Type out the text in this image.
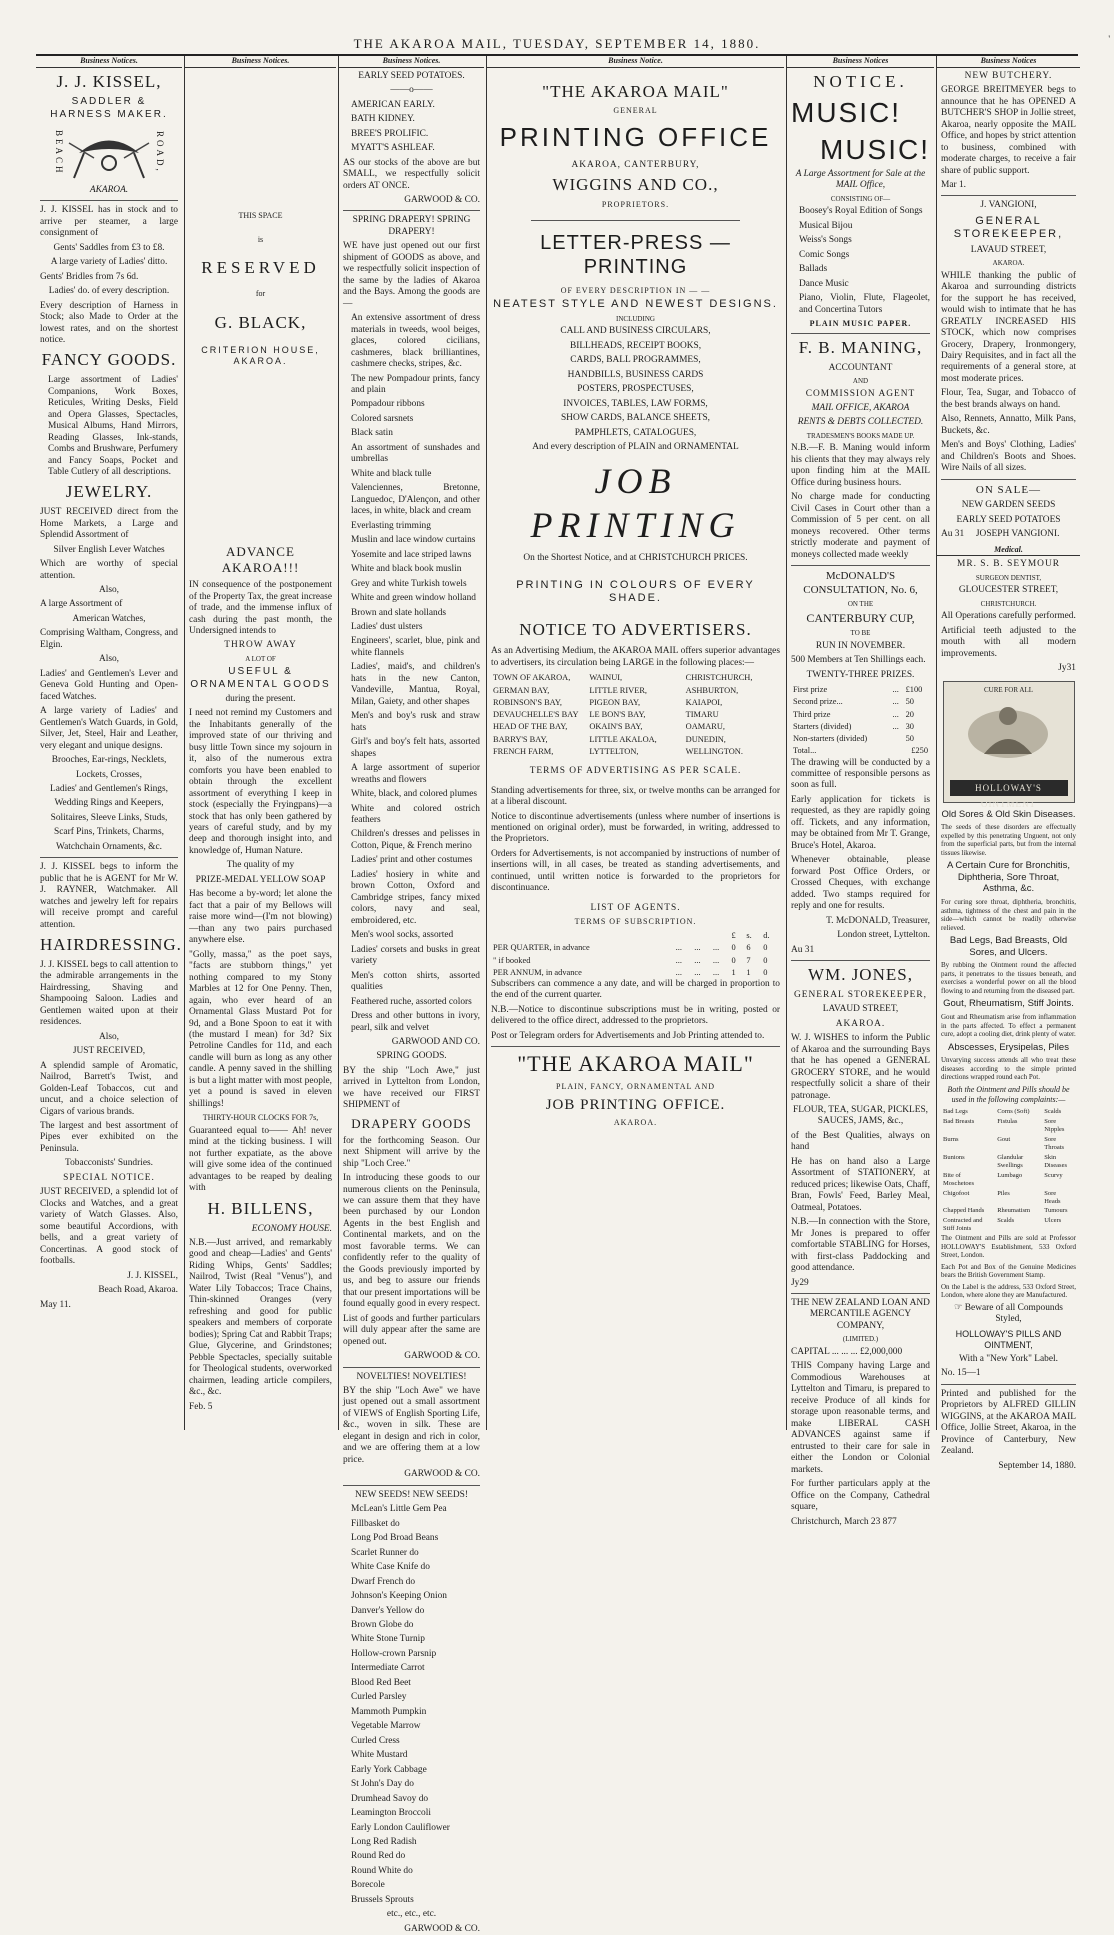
THE AKAROA MAIL, TUESDAY, SEPTEMBER 14, 1880.	'
Business Notices.
J. J. KISSEL,
SADDLER & HARNESS MAKER.
BEACH	ROAD,
AKAROA.

J. J. KISSEL has in stock and to arrive per steamer, a large consignment of

Gents' Saddles from £3 to £8.

A large variety of Ladies' ditto.

Gents' Bridles from 7s 6d.

Ladies' do. of every description.

Every description of Harness in Stock; also Made to Order at the lowest rates, and on the shortest notice.

FANCY GOODS.

Large assortment of Ladies' Companions, Work Boxes, Reticules, Writing Desks, Field and Opera Glasses, Spectacles, Musical Albums, Hand Mirrors, Reading Glasses, Ink-stands, Combs and Brushware, Perfumery and Fancy Soaps, Pocket and Table Cutlery of all descriptions.

JEWELRY.

JUST RECEIVED direct from the Home Markets, a Large and Splendid Assortment of

Silver English Lever Watches

Which are worthy of special attention.

Also,

A large Assortment of

American Watches,

Comprising Waltham, Congress, and Elgin.

Also,

Ladies' and Gentlemen's Lever and Geneva Gold Hunting and Open-faced Watches.

A large variety of Ladies' and Gentlemen's Watch Guards, in Gold, Silver, Jet, Steel, Hair and Leather, very elegant and unique designs.

Brooches, Ear-rings, Necklets,

Lockets, Crosses,

Ladies' and Gentlemen's Rings,

Wedding Rings and Keepers,

Solitaires, Sleeve Links, Studs,

Scarf Pins, Trinkets, Charms,

Watchchain Ornaments, &c.

J. J. KISSEL begs to inform the public that he is AGENT for Mr W. J. RAYNER, Watchmaker. All watches and jewelry left for repairs will receive prompt and careful attention.

HAIRDRESSING.

J. J. KISSEL begs to call attention to the admirable arrangements in the Hairdressing, Shaving and Shampooing Saloon. Ladies and Gentlemen waited upon at their residences.

Also,

JUST RECEIVED,

A splendid sample of Aromatic, Nailrod, Barrett's Twist, and Golden-Leaf Tobaccos, cut and uncut, and a choice selection of Cigars of various brands.

The largest and best assortment of Pipes ever exhibited on the Peninsula.

Tobacconists' Sundries.

SPECIAL NOTICE.

JUST RECEIVED, a splendid lot of Clocks and Watches, and a great variety of Watch Glasses. Also, some beautiful Accordions, with bells, and a great variety of Concertinas. A good stock of footballs.

J. J. KISSEL,

Beach Road, Akaroa.

May 11.

Business Notices.

THIS SPACE

is

RESERVED

for

G. BLACK,

CRITERION HOUSE, AKAROA.

ADVANCE AKAROA!!!

IN consequence of the postponement of the Property Tax, the great increase of trade, and the immense influx of cash during the past month, the Undersigned intends to

THROW AWAY

A LOT OF

USEFUL & ORNAMENTAL GOODS

during the present.

I need not remind my Customers and the Inhabitants generally of the improved state of our thriving and busy little Town since my sojourn in it, also of the numerous extra comforts you have been enabled to obtain through the excellent assortment of everything I keep in stock (especially the Fryingpans)—a stock that has only been gathered by years of careful study, and by my deep and thorough insight into, and knowledge of, Human Nature.

The quality of my

PRIZE-MEDAL YELLOW SOAP

Has become a by-word; let alone the fact that a pair of my Bellows will raise more wind—(I'm not blowing)—than any two pairs purchased anywhere else.

"Golly, massa," as the poet says, "facts are stubborn things," yet nothing compared to my Stony Marbles at 12 for One Penny. Then, again, who ever heard of an Ornamental Glass Mustard Pot for 9d, and a Bone Spoon to eat it with (the mustard I mean) for 3d? Six Petroline Candles for 11d, and each candle will burn as long as any other candle. A penny saved in the shilling is but a light matter with most people, yet a pound is saved in eleven shillings!

THIRTY-HOUR CLOCKS FOR 7s,

Guaranteed equal to—— Ah! never mind at the ticking business. I will not further expatiate, as the above will give some idea of the continued advantages to be reaped by dealing with

H. BILLENS,

ECONOMY HOUSE.

N.B.—Just arrived, and remarkably good and cheap—Ladies' and Gents' Riding Whips, Gents' Saddles; Nailrod, Twist (Real "Venus"), and Water Lily Tobaccos; Trace Chains, Thin-skinned Oranges (very refreshing and good for public speakers and members of corporate bodies); Spring Cat and Rabbit Traps; Glue, Glycerine, and Grindstones; Pebble Spectacles, specially suitable for Theological students, overworked chairmen, leading article compilers, &c., &c.

Feb. 5

Business Notices.

EARLY SEED POTATOES.

——o——

AMERICAN EARLY.

BATH KIDNEY.

BREE'S PROLIFIC.

MYATT'S ASHLEAF.

AS our stocks of the above are but SMALL, we respectfully solicit orders AT ONCE.

GARWOOD & CO.

SPRING DRAPERY! SPRING DRAPERY!

WE have just opened out our first shipment of GOODS as above, and we respectfully solicit inspection of the same by the ladies of Akaroa and the Bays. Among the goods are—

An extensive assortment of dress materials in tweeds, wool beiges, glaces, colored cicilians, cashmeres, black brilliantines, cashmere checks, stripes, &c.

The new Pompadour prints, fancy and plain

Pompadour ribbons

Colored sarsnets

Black satin

An assortment of sunshades and umbrellas

White and black tulle

Valenciennes, Bretonne, Languedoc, D'Alençon, and other laces, in white, black and cream

Everlasting trimming

Muslin and lace window curtains

Yosemite and lace striped lawns

White and black book muslin

Grey and white Turkish towels

White and green window holland

Brown and slate hollands

Ladies' dust ulsters

Engineers', scarlet, blue, pink and white flannels

Ladies', maid's, and children's hats in the new Canton, Vandeville, Mantua, Royal, Milan, Gaiety, and other shapes

Men's and boy's rusk and straw hats

Girl's and boy's felt hats, assorted shapes

A large assortment of superior wreaths and flowers

White, black, and colored plumes

White and colored ostrich feathers

Children's dresses and pelisses in Cotton, Pique, & French merino

Ladies' print and other costumes

Ladies' hosiery in white and brown Cotton, Oxford and Cambridge stripes, fancy mixed colors, navy and seal, embroidered, etc.

Men's wool socks, assorted

Ladies' corsets and busks in great variety

Men's cotton shirts, assorted qualities

Feathered ruche, assorted colors

Dress and other buttons in ivory, pearl, silk and velvet

GARWOOD AND CO.

SPRING GOODS.

BY the ship "Loch Awe," just arrived in Lyttelton from London, we have received our FIRST SHIPMENT of

DRAPERY GOODS

for the forthcoming Season. Our next Shipment will arrive by the ship "Loch Cree."

In introducing these goods to our numerous clients on the Peninsula, we can assure them that they have been purchased by our London Agents in the best English and Continental markets, and on the most favorable terms. We can confidently refer to the quality of the Goods previously imported by us, and beg to assure our friends that our present importations will be found equally good in every respect.

List of goods and further particulars will duly appear after the same are opened out.

GARWOOD & CO.

NOVELTIES! NOVELTIES!

BY the ship "Loch Awe" we have just opened out a small assortment of VIEWS of English Sporting Life, &c., woven in silk. These are elegant in design and rich in color, and we are offering them at a low price.

GARWOOD & CO.

NEW SEEDS! NEW SEEDS!

McLean's Little Gem Pea

Fillbasket do

Long Pod Broad Beans

Scarlet Runner do

White Case Knife do

Dwarf French do

Johnson's Keeping Onion

Danver's Yellow do

Brown Globe do

White Stone Turnip

Hollow-crown Parsnip

Intermediate Carrot

Blood Red Beet

Curled Parsley

Mammoth Pumpkin

Vegetable Marrow

Curled Cress

White Mustard

Early York Cabbage

St John's Day do

Drumhead Savoy do

Leamington Broccoli

Early London Cauliflower

Long Red Radish

Round Red do

Round White do

Borecole

Brussels Sprouts

etc., etc., etc.

GARWOOD & CO.

Business Notice.
"THE AKAROA MAIL"

GENERAL

PRINTING OFFICE

AKAROA, CANTERBURY,

WIGGINS AND CO.,

PROPRIETORS.

LETTER-PRESS — PRINTING

OF EVERY DESCRIPTION IN — —

NEATEST STYLE AND NEWEST DESIGNS.

INCLUDING

CALL AND BUSINESS CIRCULARS,

BILLHEADS, RECEIPT BOOKS,

CARDS, BALL PROGRAMMES,

HANDBILLS, BUSINESS CARDS

POSTERS, PROSPECTUSES,

INVOICES, TABLES, LAW FORMS,

SHOW CARDS, BALANCE SHEETS,

PAMPHLETS, CATALOGUES,

And every description of PLAIN and ORNAMENTAL

JOB PRINTING

On the Shortest Notice, and at CHRISTCHURCH PRICES.

PRINTING IN COLOURS OF EVERY SHADE.

NOTICE TO ADVERTISERS.

As an Advertising Medium, the AKAROA MAIL offers superior advantages to advertisers, its circulation being LARGE in the following places:—

TOWN OF AKAROA,	WAINUI,	CHRISTCHURCH,
GERMAN BAY,	LITTLE RIVER,	ASHBURTON,
ROBINSON'S BAY,	PIGEON BAY,	KAIAPOI,
DEVAUCHELLE'S BAY	LE BON'S BAY,	TIMARU
HEAD OF THE BAY,	OKAIN'S BAY,	OAMARU,
BARRY'S BAY,	LITTLE AKALOA,	DUNEDIN,
FRENCH FARM,	LYTTELTON,	WELLINGTON.

TERMS OF ADVERTISING AS PER SCALE.

Standing advertisements for three, six, or twelve months can be arranged for at a liberal discount.

Notice to discontinue advertisements (unless where number of insertions is mentioned on original order), must be forwarded, in writing, addressed to the Proprietors.

Orders for Advertisements, is not accompanied by instructions of number of insertions will, in all cases, be treated as standing advertisements, and continued, until written notice is forwarded to the proprietors for discontinuance.

LIST OF AGENTS.

TERMS OF SUBSCRIPTION.

				£	s.	d.
PER QUARTER, in advance	...	...	...	0	6	0
" if booked	...	...	...	0	7	0
PER ANNUM, in advance	...	...	...	1	1	0

Subscribers can commence a any date, and will be charged in proportion to the end of the current quarter.

N.B.—Notice to discontinue subscriptions must be in writing, posted or delivered to the office direct, addressed to the proprietors.

Post or Telegram orders for Advertisements and Job Printing attended to.

"THE AKAROA MAIL"

PLAIN, FANCY, ORNAMENTAL AND

JOB PRINTING OFFICE.

AKAROA.

Business Notices
NOTICE.
MUSIC!
MUSIC!

A Large Assortment for Sale at the MAIL Office,

CONSISTING OF—

Boosey's Royal Edition of Songs

Musical Bijou

Weiss's Songs

Comic Songs

Ballads

Dance Music

Piano, Violin, Flute, Flageolet, and Concertina Tutors

PLAIN MUSIC PAPER.

F. B. MANING,

ACCOUNTANT

AND

COMMISSION AGENT

MAIL OFFICE, AKAROA

RENTS & DEBTS COLLECTED.

TRADESMEN'S BOOKS MADE UP.

N.B.—F. B. Maning would inform his clients that they may always rely upon finding him at the MAIL Office during business hours.

No charge made for conducting Civil Cases in Court other than a Commission of 5 per cent. on all moneys recovered. Other terms strictly moderate and payment of moneys collected made weekly

McDONALD'S CONSULTATION, No. 6,

ON THE

CANTERBURY CUP,

TO BE

RUN IN NOVEMBER.

500 Members at Ten Shillings each.

TWENTY-THREE PRIZES.

First prize	...	£100
Second prize...	...	50
Third prize	...	20
Starters (divided)	...	30
Non-starters (divided)		50
Total...		£250

The drawing will be conducted by a committee of responsible persons as soon as full.

Early application for tickets is requested, as they are rapidly going off. Tickets, and any information, may be obtained from Mr T. Grange, Bruce's Hotel, Akaroa.

Whenever obtainable, please forward Post Office Orders, or Crossed Cheques, with exchange added. Two stamps required for reply and one for results.

T. McDONALD, Treasurer,

London street, Lyttelton.

Au 31

WM. JONES,

GENERAL STOREKEEPER,

LAVAUD STREET,

AKAROA.

W. J. WISHES to inform the Public of Akaroa and the surrounding Bays that he has opened a GENERAL GROCERY STORE, and he would respectfully solicit a share of their patronage.

FLOUR, TEA, SUGAR, PICKLES, SAUCES, JAMS, &c.,

of the Best Qualities, always on hand

He has on hand also a Large Assortment of STATIONERY, at reduced prices; likewise Oats, Chaff, Bran, Fowls' Feed, Barley Meal, Oatmeal, Potatoes.

N.B.—In connection with the Store, Mr Jones is prepared to offer comfortable STABLING for Horses, with first-class Paddocking and good attendance.

Jy29

THE NEW ZEALAND LOAN AND MERCANTILE AGENCY COMPANY,

(LIMITED.)

CAPITAL ... ... ... £2,000,000

THIS Company having Large and Commodious Warehouses at Lyttelton and Timaru, is prepared to receive Produce of all kinds for storage upon reasonable terms, and make LIBERAL CASH ADVANCES against same if entrusted to their care for sale in either the London or Colonial markets.

For further particulars apply at the Office on the Company, Cathedral square,

Christchurch, March 23 877

Business Notices

NEW BUTCHERY.

GEORGE BREITMEYER begs to announce that he has OPENED A BUTCHER'S SHOP in Jollie street, Akaroa, nearly opposite the MAIL Office, and hopes by strict attention to business, combined with moderate charges, to receive a fair share of public support.

Mar 1.

J. VANGIONI,

GENERAL STOREKEEPER,

LAVAUD STREET,

AKAROA.

WHILE thanking the public of Akaroa and surrounding districts for the support he has received, would wish to intimate that he has GREATLY INCREASED HIS STOCK, which now comprises Grocery, Drapery, Ironmongery, Dairy Requisites, and in fact all the requirements of a general store, at most moderate prices.

Flour, Tea, Sugar, and Tobacco of the best brands always on hand.

Also, Rennets, Annatto, Milk Pans, Buckets, &c.

Men's and Boys' Clothing, Ladies' and Children's Boots and Shoes. Wire Nails of all sizes.

ON SALE—

NEW GARDEN SEEDS

EARLY SEED POTATOES

Au 31 JOSEPH VANGIONI.

Medical.

MR. S. B. SEYMOUR

SURGEON DENTIST,

GLOUCESTER STREET,

CHRISTCHURCH.

All Operations carefully performed.

Artificial teeth adjusted to the mouth with all modern improvements.

Jy31

CURE FOR ALL
HOLLOWAY'S OINTMENT

Old Sores & Old Skin Diseases.

The seeds of these disorders are effectually expelled by this penetrating Unguent, not only from the superficial parts, but from the internal tissues likewise.

A Certain Cure for Bronchitis, Diphtheria, Sore Throat, Asthma, &c.

For curing sore throat, diphtheria, bronchitis, asthma, tightness of the chest and pain in the side—which cannot be readily otherwise relieved.

Bad Legs, Bad Breasts, Old Sores, and Ulcers.

By rubbing the Ointment round the affected parts, it penetrates to the tissues beneath, and exercises a wonderful power on all the blood flowing to and returning from the diseased part.

Gout, Rheumatism, Stiff Joints.

Gout and Rheumatism arise from inflammation in the parts affected. To effect a permanent cure, adopt a cooling diet, drink plenty of water.

Abscesses, Erysipelas, Piles

Unvarying success attends all who treat these diseases according to the simple printed directions wrapped round each Pot.

Both the Ointment and Pills should be used in the following complaints:—

Bad Legs	Corns (Soft)	Scalds
Bad Breasts	Fistulas	Sore Nipples
Burns	Gout	Sore Throats
Bunions	Glandular Swellings	Skin Diseases
Bite of Moschetoes	Lumbago	Scurvy
Chigofoot	Piles	Sore Heads
Chapped Hands	Rheumatism	Tumours
Contracted and Stiff Joints	Scalds	Ulcers

The Ointment and Pills are sold at Professor HOLLOWAY'S Establishment, 533 Oxford Street, London.

Each Pot and Box of the Genuine Medicines bears the British Government Stamp.

On the Label is the address, 533 Oxford Street, London, where alone they are Manufactured.

☞ Beware of all Compounds Styled,

HOLLOWAY'S PILLS AND OINTMENT,

With a "New York" Label.

No. 15—1

Printed and published for the Proprietors by ALFRED GILLIN WIGGINS, at the AKAROA MAIL Office, Jollie Street, Akaroa, in the Province of Canterbury, New Zealand.

September 14, 1880.
